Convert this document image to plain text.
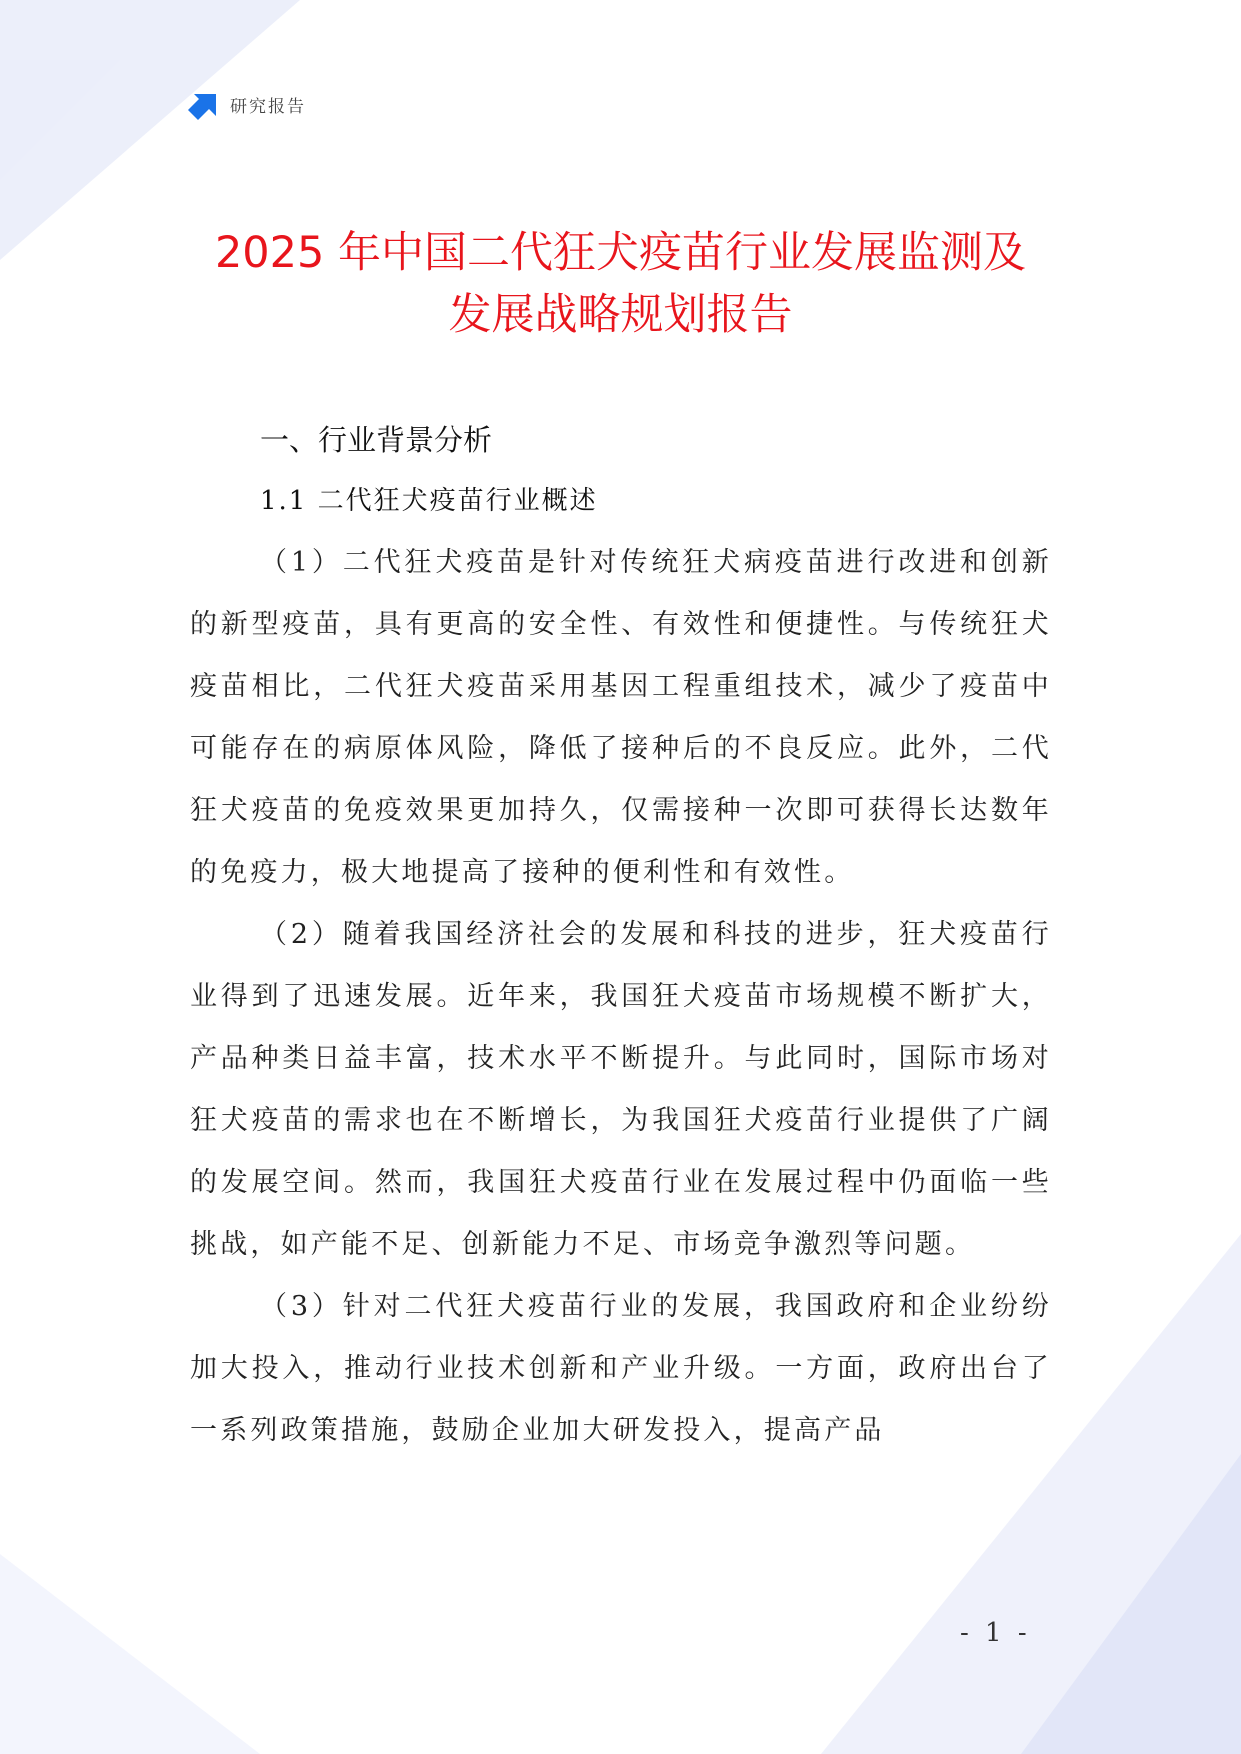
研究报告
2025 年中国二代狂犬疫苗行业发展监测及
发展战略规划报告
一、行业背景分析
1.1 二代狂犬疫苗行业概述

（1）二代狂犬疫苗是针对传统狂犬病疫苗进行改进和创新的新型疫苗，具有更高的安全性、有效性和便捷性。与传统狂犬疫苗相比，二代狂犬疫苗采用基因工程重组技术，减少了疫苗中可能存在的病原体风险，降低了接种后的不良反应。此外，二代狂犬疫苗的免疫效果更加持久，仅需接种一次即可获得长达数年的免疫力，极大地提高了接种的便利性和有效性。

（2）随着我国经济社会的发展和科技的进步，狂犬疫苗行业得到了迅速发展。近年来，我国狂犬疫苗市场规模不断扩大，产品种类日益丰富，技术水平不断提升。与此同时，国际市场对狂犬疫苗的需求也在不断增长，为我国狂犬疫苗行业提供了广阔的发展空间。然而，我国狂犬疫苗行业在发展过程中仍面临一些挑战，如产能不足、创新能力不足、市场竞争激烈等问题。

（3）针对二代狂犬疫苗行业的发展，我国政府和企业纷纷加大投入，推动行业技术创新和产业升级。一方面，政府出台了一系列政策措施，鼓励企业加大研发投入，提高产品

- 1 -
